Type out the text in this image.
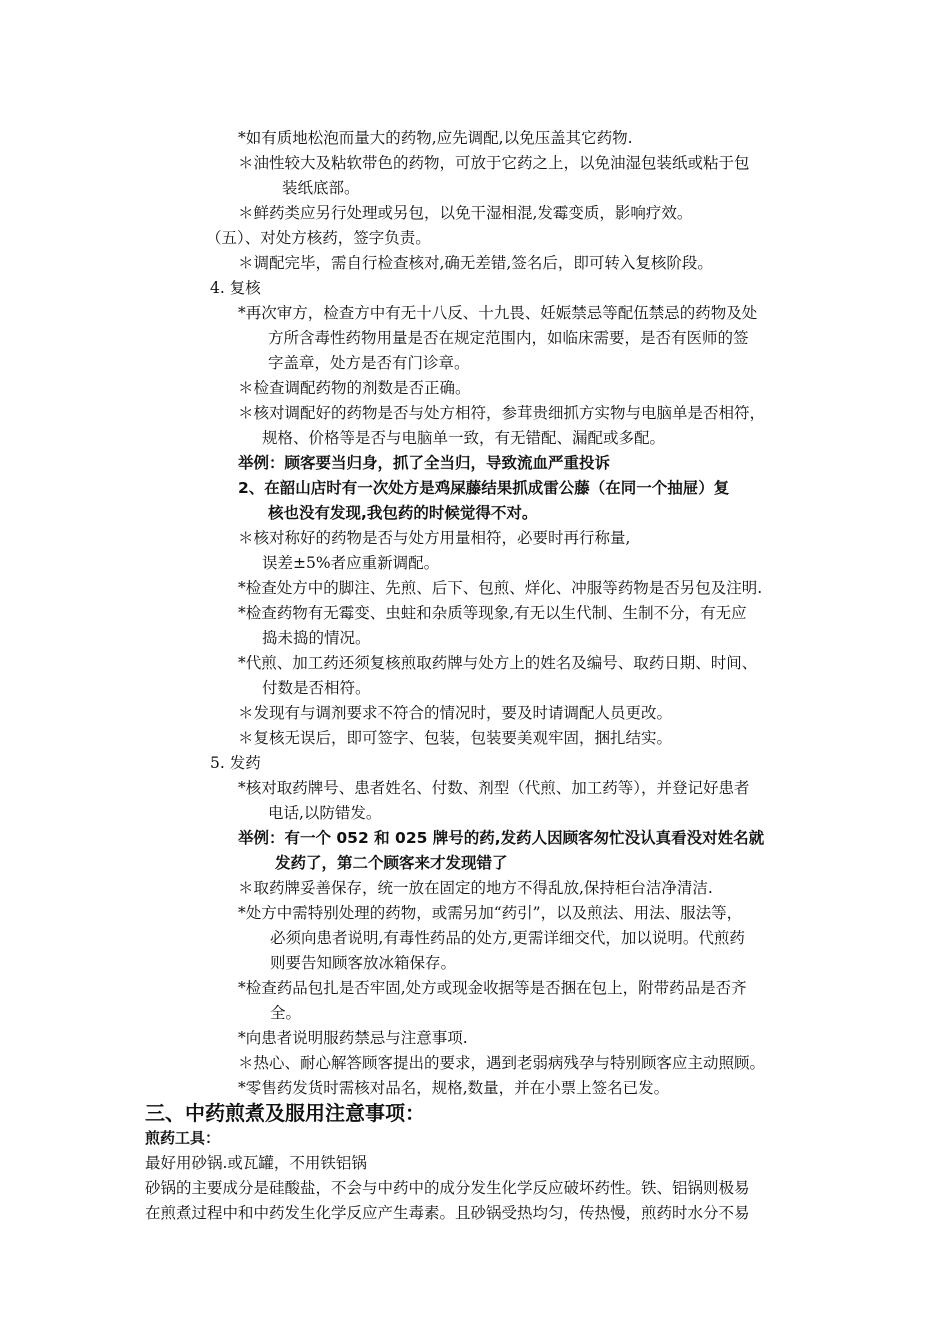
*如有质地松泡而量大的药物,应先调配,以免压盖其它药物.
＊油性较大及粘软带色的药物，可放于它药之上，以免油湿包装纸或粘于包
装纸底部。
＊鲜药类应另行处理或另包，以免干湿相混,发霉变质，影响疗效。
（五）、对处方核药，签字负责。
＊调配完毕，需自行检查核对,确无差错,签名后，即可转入复核阶段。
4. 复核
*再次审方，检查方中有无十八反、十九畏、妊娠禁忌等配伍禁忌的药物及处
方所含毒性药物用量是否在规定范围内，如临床需要，是否有医师的签
字盖章，处方是否有门诊章。
＊检查调配药物的剂数是否正确。
＊核对调配好的药物是否与处方相符，参茸贵细抓方实物与电脑单是否相符，
规格、价格等是否与电脑单一致，有无错配、漏配或多配。
举例：顾客要当归身，抓了全当归，导致流血严重投诉
2、在韶山店时有一次处方是鸡屎藤结果抓成雷公藤（在同一个抽屉）复
核也没有发现,我包药的时候觉得不对。
＊核对称好的药物是否与处方用量相符，必要时再行称量,
误差±5%者应重新调配。
*检查处方中的脚注、先煎、后下、包煎、烊化、冲服等药物是否另包及注明.
*检查药物有无霉变、虫蛀和杂质等现象,有无以生代制、生制不分，有无应
捣未捣的情况。
*代煎、加工药还须复核煎取药牌与处方上的姓名及编号、取药日期、时间、
付数是否相符。
＊发现有与调剂要求不符合的情况时，要及时请调配人员更改。
＊复核无误后，即可签字、包装，包装要美观牢固，捆扎结实。
5. 发药
*核对取药牌号、患者姓名、付数、剂型（代煎、加工药等），并登记好患者
电话,以防错发。
举例：有一个 052 和 025 牌号的药,发药人因顾客匆忙没认真看没对姓名就
发药了，第二个顾客来才发现错了
＊取药牌妥善保存，统一放在固定的地方不得乱放,保持柜台洁净清洁.
*处方中需特别处理的药物，或需另加“药引”，以及煎法、用法、服法等，
必须向患者说明,有毒性药品的处方,更需详细交代，加以说明。代煎药
则要告知顾客放冰箱保存。
*检查药品包扎是否牢固,处方或现金收据等是否捆在包上，附带药品是否齐
全。
*向患者说明服药禁忌与注意事项.
＊热心、耐心解答顾客提出的要求，遇到老弱病残孕与特别顾客应主动照顾。
*零售药发货时需核对品名，规格,数量，并在小票上签名已发。
三、中药煎煮及服用注意事项：
煎药工具：
最好用砂锅.或瓦罐，不用铁铝锅
砂锅的主要成分是硅酸盐，不会与中药中的成分发生化学反应破坏药性。铁、铝锅则极易
在煎煮过程中和中药发生化学反应产生毒素。且砂锅受热均匀，传热慢，煎药时水分不易
